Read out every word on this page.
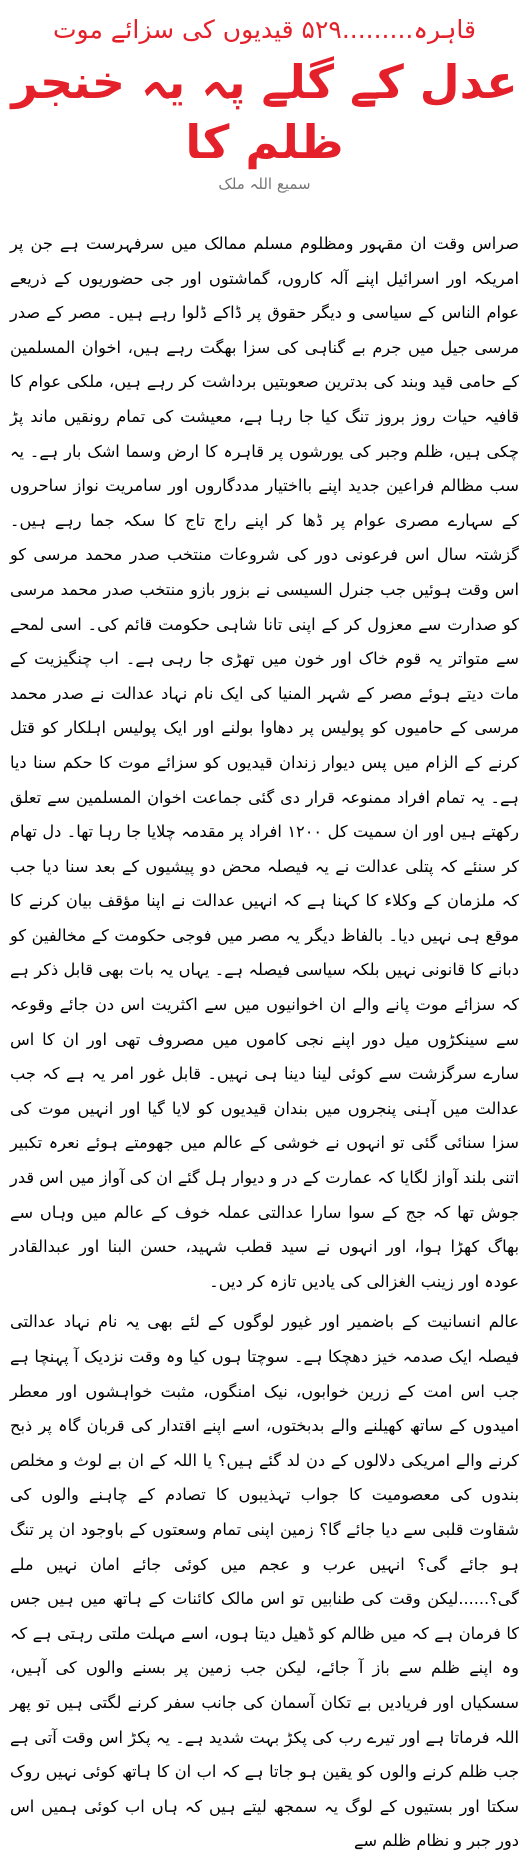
قاہرہ.........۵۲۹ قیدیوں کی سزائے موت
عدل کے گلے پہ یہ خنجر ظلم کا
سمیع اللہ ملک

صراس وقت ان مقہور ومظلوم مسلم ممالک میں سرفہرست ہے جن پر امریکہ اور اسرائیل اپنے آلہ کاروں، گماشتوں اور جی حضوریوں کے ذریعے عوام الناس کے سیاسی و دیگر حقوق پر ڈاکے ڈلوا رہے ہیں۔ مصر کے صدر مرسی جیل میں جرم بے گناہی کی سزا بھگت رہے ہیں، اخوان المسلمین کے حامی قید وبند کی بدترین صعوبتیں برداشت کر رہے ہیں، ملکی عوام کا قافیہ حیات روز بروز تنگ کیا جا رہا ہے، معیشت کی تمام رونقیں ماند پڑ چکی ہیں، ظلم وجبر کی یورشوں پر قاہرہ کا ارض وسما اشک بار ہے۔ یہ سب مظالم فراعین جدید اپنے بااختیار مددگاروں اور سامریت نواز ساحروں کے سہارے مصری عوام پر ڈھا کر اپنے راج تاج کا سکہ جما رہے ہیں۔ گزشتہ سال اس فرعونی دور کی شروعات منتخب صدر محمد مرسی کو اس وقت ہوئیں جب جنرل السیسی نے بزور بازو منتخب صدر محمد مرسی کو صدارت سے معزول کر کے اپنی تانا شاہی حکومت قائم کی۔ اسی لمحے سے متواتر یہ قوم خاک اور خون میں تھڑی جا رہی ہے۔ اب چنگیزیت کے مات دیتے ہوئے مصر کے شہر المنیا کی ایک نام نہاد عدالت نے صدر محمد مرسی کے حامیوں کو پولیس پر دھاوا بولنے اور ایک پولیس اہلکار کو قتل کرنے کے الزام میں پس دیوار زندان قیدیوں کو سزائے موت کا حکم سنا دیا ہے۔ یہ تمام افراد ممنوعہ قرار دی گئی جماعت اخوان المسلمین سے تعلق رکھتے ہیں اور ان سمیت کل ۱۲۰۰ افراد پر مقدمہ چلایا جا رہا تھا۔ دل تھام کر سنئے کہ پتلی عدالت نے یہ فیصلہ محض دو پیشیوں کے بعد سنا دیا جب کہ ملزمان کے وکلاء کا کہنا ہے کہ انہیں عدالت نے اپنا مؤقف بیان کرنے کا موقع ہی نہیں دیا۔ بالفاظ دیگر یہ مصر میں فوجی حکومت کے مخالفین کو دبانے کا قانونی نہیں بلکہ سیاسی فیصلہ ہے۔ یہاں یہ بات بھی قابل ذکر ہے کہ سزائے موت پانے والے ان اخوانیوں میں سے اکثریت اس دن جائے وقوعہ سے سینکڑوں میل دور اپنے نجی کاموں میں مصروف تھی اور ان کا اس سارے سرگزشت سے کوئی لینا دینا ہی نہیں۔ قابل غور امر یہ ہے کہ جب عدالت میں آہنی پنجروں میں بندان قیدیوں کو لایا گیا اور انہیں موت کی سزا سنائی گئی تو انہوں نے خوشی کے عالم میں جھومتے ہوئے نعرہ تکبیر اتنی بلند آواز لگایا کہ عمارت کے در و دیوار ہل گئے ان کی آواز میں اس قدر جوش تھا کہ جج کے سوا سارا عدالتی عملہ خوف کے عالم میں وہاں سے بھاگ کھڑا ہوا، اور انہوں نے سید قطب شہید، حسن البنا اور عبدالقادر عودہ اور زینب الغزالی کی یادیں تازہ کر دیں۔

عالم انسانیت کے باضمیر اور غیور لوگوں کے لئے بھی یہ نام نہاد عدالتی فیصلہ ایک صدمہ خیز دھچکا ہے۔ سوچتا ہوں کیا وہ وقت نزدیک آ پہنچا ہے جب اس امت کے زرین خوابوں، نیک امنگوں، مثبت خواہشوں اور معطر امیدوں کے ساتھ کھیلنے والے بدبختوں، اسے اپنے اقتدار کی قربان گاہ پر ذبح کرنے والے امریکی دلالوں کے دن لد گئے ہیں؟ یا اللہ کے ان بے لوث و مخلص بندوں کی معصومیت کا جواب تہذیبوں کا تصادم کے چاہنے والوں کی شقاوت قلبی سے دیا جائے گا؟ زمین اپنی تمام وسعتوں کے باوجود ان پر تنگ ہو جائے گی؟ انہیں عرب و عجم میں کوئی جائے امان نہیں ملے گی؟......لیکن وقت کی طنابیں تو اس مالک کائنات کے ہاتھ میں ہیں جس کا فرمان ہے کہ میں ظالم کو ڈھیل دیتا ہوں، اسے مہلت ملتی رہتی ہے کہ وہ اپنے ظلم سے باز آ جائے، لیکن جب زمین پر بسنے والوں کی آہیں، سسکیاں اور فریادیں بے تکان آسمان کی جانب سفر کرنے لگتی ہیں تو پھر اللہ فرماتا ہے اور تیرے رب کی پکڑ بہت شدید ہے۔ یہ پکڑ اس وقت آتی ہے جب ظلم کرنے والوں کو یقین ہو جاتا ہے کہ اب ان کا ہاتھ کوئی نہیں روک سکتا اور بستیوں کے لوگ یہ سمجھ لیتے ہیں کہ ہاں اب کوئی ہمیں اس دور جبر و نظام ظلم سے
